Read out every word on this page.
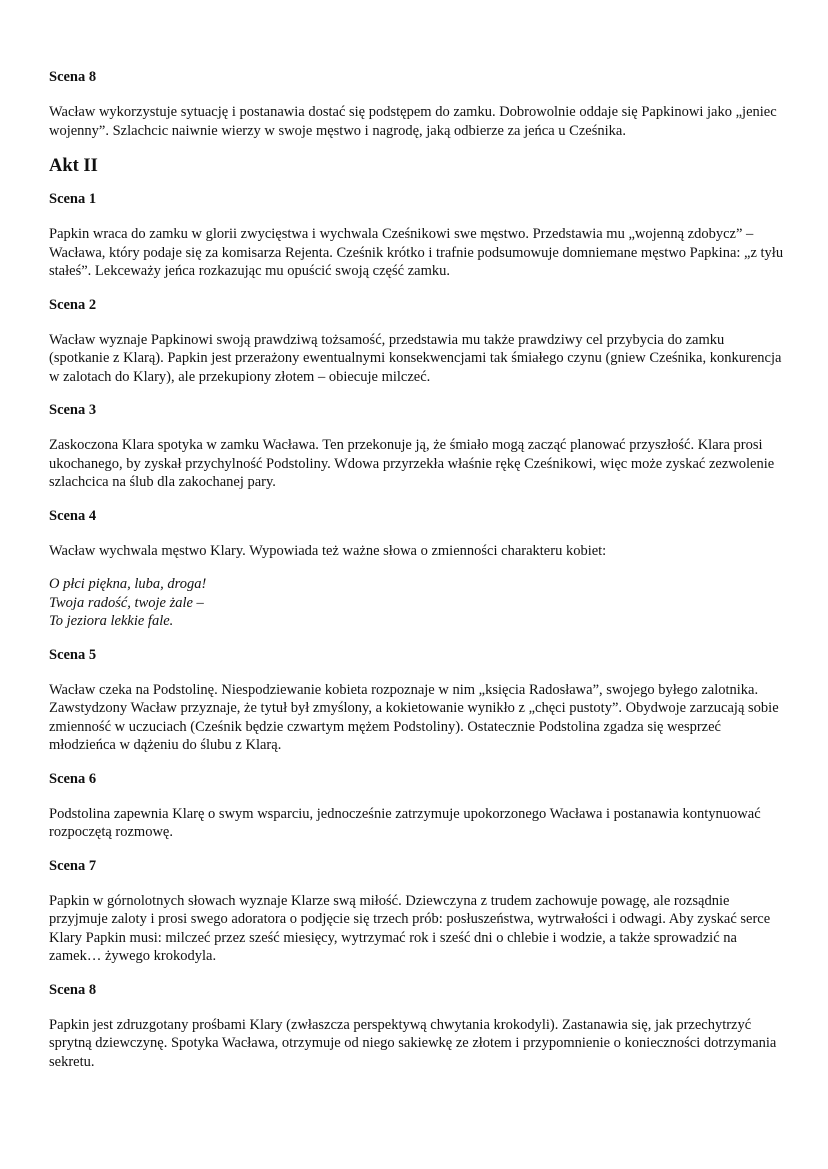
Scena 8

Wacław wykorzystuje sytuację i postanawia dostać się podstępem do zamku. Dobrowolnie oddaje się Papkinowi jako „jeniec wojenny”. Szlachcic naiwnie wierzy w swoje męstwo i nagrodę, jaką odbierze za jeńca u Cześnika.

Akt II
Scena 1

Papkin wraca do zamku w glorii zwycięstwa i wychwala Cześnikowi swe męstwo. Przedstawia mu „wojenną zdobycz” – Wacława, który podaje się za komisarza Rejenta. Cześnik krótko i trafnie podsumowuje domniemane męstwo Papkina: „z tyłu stałeś”. Lekceważy jeńca rozkazując mu opuścić swoją część zamku.

Scena 2

Wacław wyznaje Papkinowi swoją prawdziwą tożsamość, przedstawia mu także prawdziwy cel przybycia do zamku (spotkanie z Klarą). Papkin jest przerażony ewentualnymi konsekwencjami tak śmiałego czynu (gniew Cześnika, konkurencja w zalotach do Klary), ale przekupiony złotem – obiecuje milczeć.

Scena 3

Zaskoczona Klara spotyka w zamku Wacława. Ten przekonuje ją, że śmiało mogą zacząć planować przyszłość. Klara prosi ukochanego, by zyskał przychylność Podstoliny. Wdowa przyrzekła właśnie rękę Cześnikowi, więc może zyskać zezwolenie szlachcica na ślub dla zakochanej pary.

Scena 4

Wacław wychwala męstwo Klary. Wypowiada też ważne słowa o zmienności charakteru kobiet:

O płci piękna, luba, droga!
Twoja radość, twoje żale –
To jeziora lekkie fale.
Scena 5

Wacław czeka na Podstolinę. Niespodziewanie kobieta rozpoznaje w nim „księcia Radosława”, swojego byłego zalotnika. Zawstydzony Wacław przyznaje, że tytuł był zmyślony, a kokietowanie wynikło z „chęci pustoty”. Obydwoje zarzucają sobie zmienność w uczuciach (Cześnik będzie czwartym mężem Podstoliny). Ostatecznie Podstolina zgadza się wesprzeć młodzieńca w dążeniu do ślubu z Klarą.

Scena 6

Podstolina zapewnia Klarę o swym wsparciu, jednocześnie zatrzymuje upokorzonego Wacława i postanawia kontynuować rozpoczętą rozmowę.

Scena 7

Papkin w górnolotnych słowach wyznaje Klarze swą miłość. Dziewczyna z trudem zachowuje powagę, ale rozsądnie przyjmuje zaloty i prosi swego adoratora o podjęcie się trzech prób: posłuszeństwa, wytrwałości i odwagi. Aby zyskać serce Klary Papkin musi: milczeć przez sześć miesięcy, wytrzymać rok i sześć dni o chlebie i wodzie, a także sprowadzić na zamek… żywego krokodyla.

Scena 8

Papkin jest zdruzgotany prośbami Klary (zwłaszcza perspektywą chwytania krokodyli). Zastanawia się, jak przechytrzyć sprytną dziewczynę. Spotyka Wacława, otrzymuje od niego sakiewkę ze złotem i przypomnienie o konieczności dotrzymania sekretu.
